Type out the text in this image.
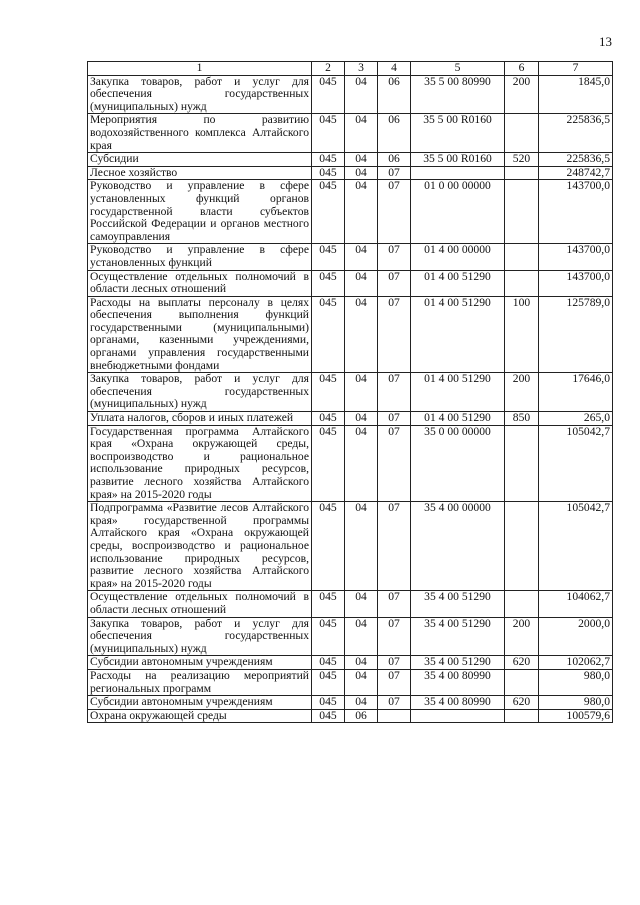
13
1	2	3	4	5	6	7
Закупка товаров, работ и услуг для обеспечения государственных (муниципальных) нужд	045	04	06	35 5 00 80990	200	1845,0
Мероприятия по развитию водохозяйственного комплекса Алтайского края	045	04	06	35 5 00 R0160		225836,5
Субсидии	045	04	06	35 5 00 R0160	520	225836,5
Лесное хозяйство	045	04	07			248742,7
Руководство и управление в сфере установленных функций органов государственной власти субъектов Российской Федерации и органов местного самоуправления	045	04	07	01 0 00 00000		143700,0
Руководство и управление в сфере установленных функций	045	04	07	01 4 00 00000		143700,0
Осуществление отдельных полномочий в области лесных отношений	045	04	07	01 4 00 51290		143700,0
Расходы на выплаты персоналу в целях обеспечения выполнения функций государственными (муниципальными) органами, казенными учреждениями, органами управления государственными внебюджетными фондами	045	04	07	01 4 00 51290	100	125789,0
Закупка товаров, работ и услуг для обеспечения государственных (муниципальных) нужд	045	04	07	01 4 00 51290	200	17646,0
Уплата налогов, сборов и иных платежей	045	04	07	01 4 00 51290	850	265,0
Государственная программа Алтайского края «Охрана окружающей среды, воспроизводство и рациональное использование природных ресурсов, развитие лесного хозяйства Алтайского края» на 2015-2020 годы	045	04	07	35 0 00 00000		105042,7
Подпрограмма «Развитие лесов Алтайского края» государственной программы Алтайского края «Охрана окружающей среды, воспроизводство и рациональное использование природных ресурсов, развитие лесного хозяйства Алтайского края» на 2015-2020 годы	045	04	07	35 4 00 00000		105042,7
Осуществление отдельных полномочий в области лесных отношений	045	04	07	35 4 00 51290		104062,7
Закупка товаров, работ и услуг для обеспечения государственных (муниципальных) нужд	045	04	07	35 4 00 51290	200	2000,0
Субсидии автономным учреждениям	045	04	07	35 4 00 51290	620	102062,7
Расходы на реализацию мероприятий региональных программ	045	04	07	35 4 00 80990		980,0
Субсидии автономным учреждениям	045	04	07	35 4 00 80990	620	980,0
Охрана окружающей среды	045	06				100579,6
